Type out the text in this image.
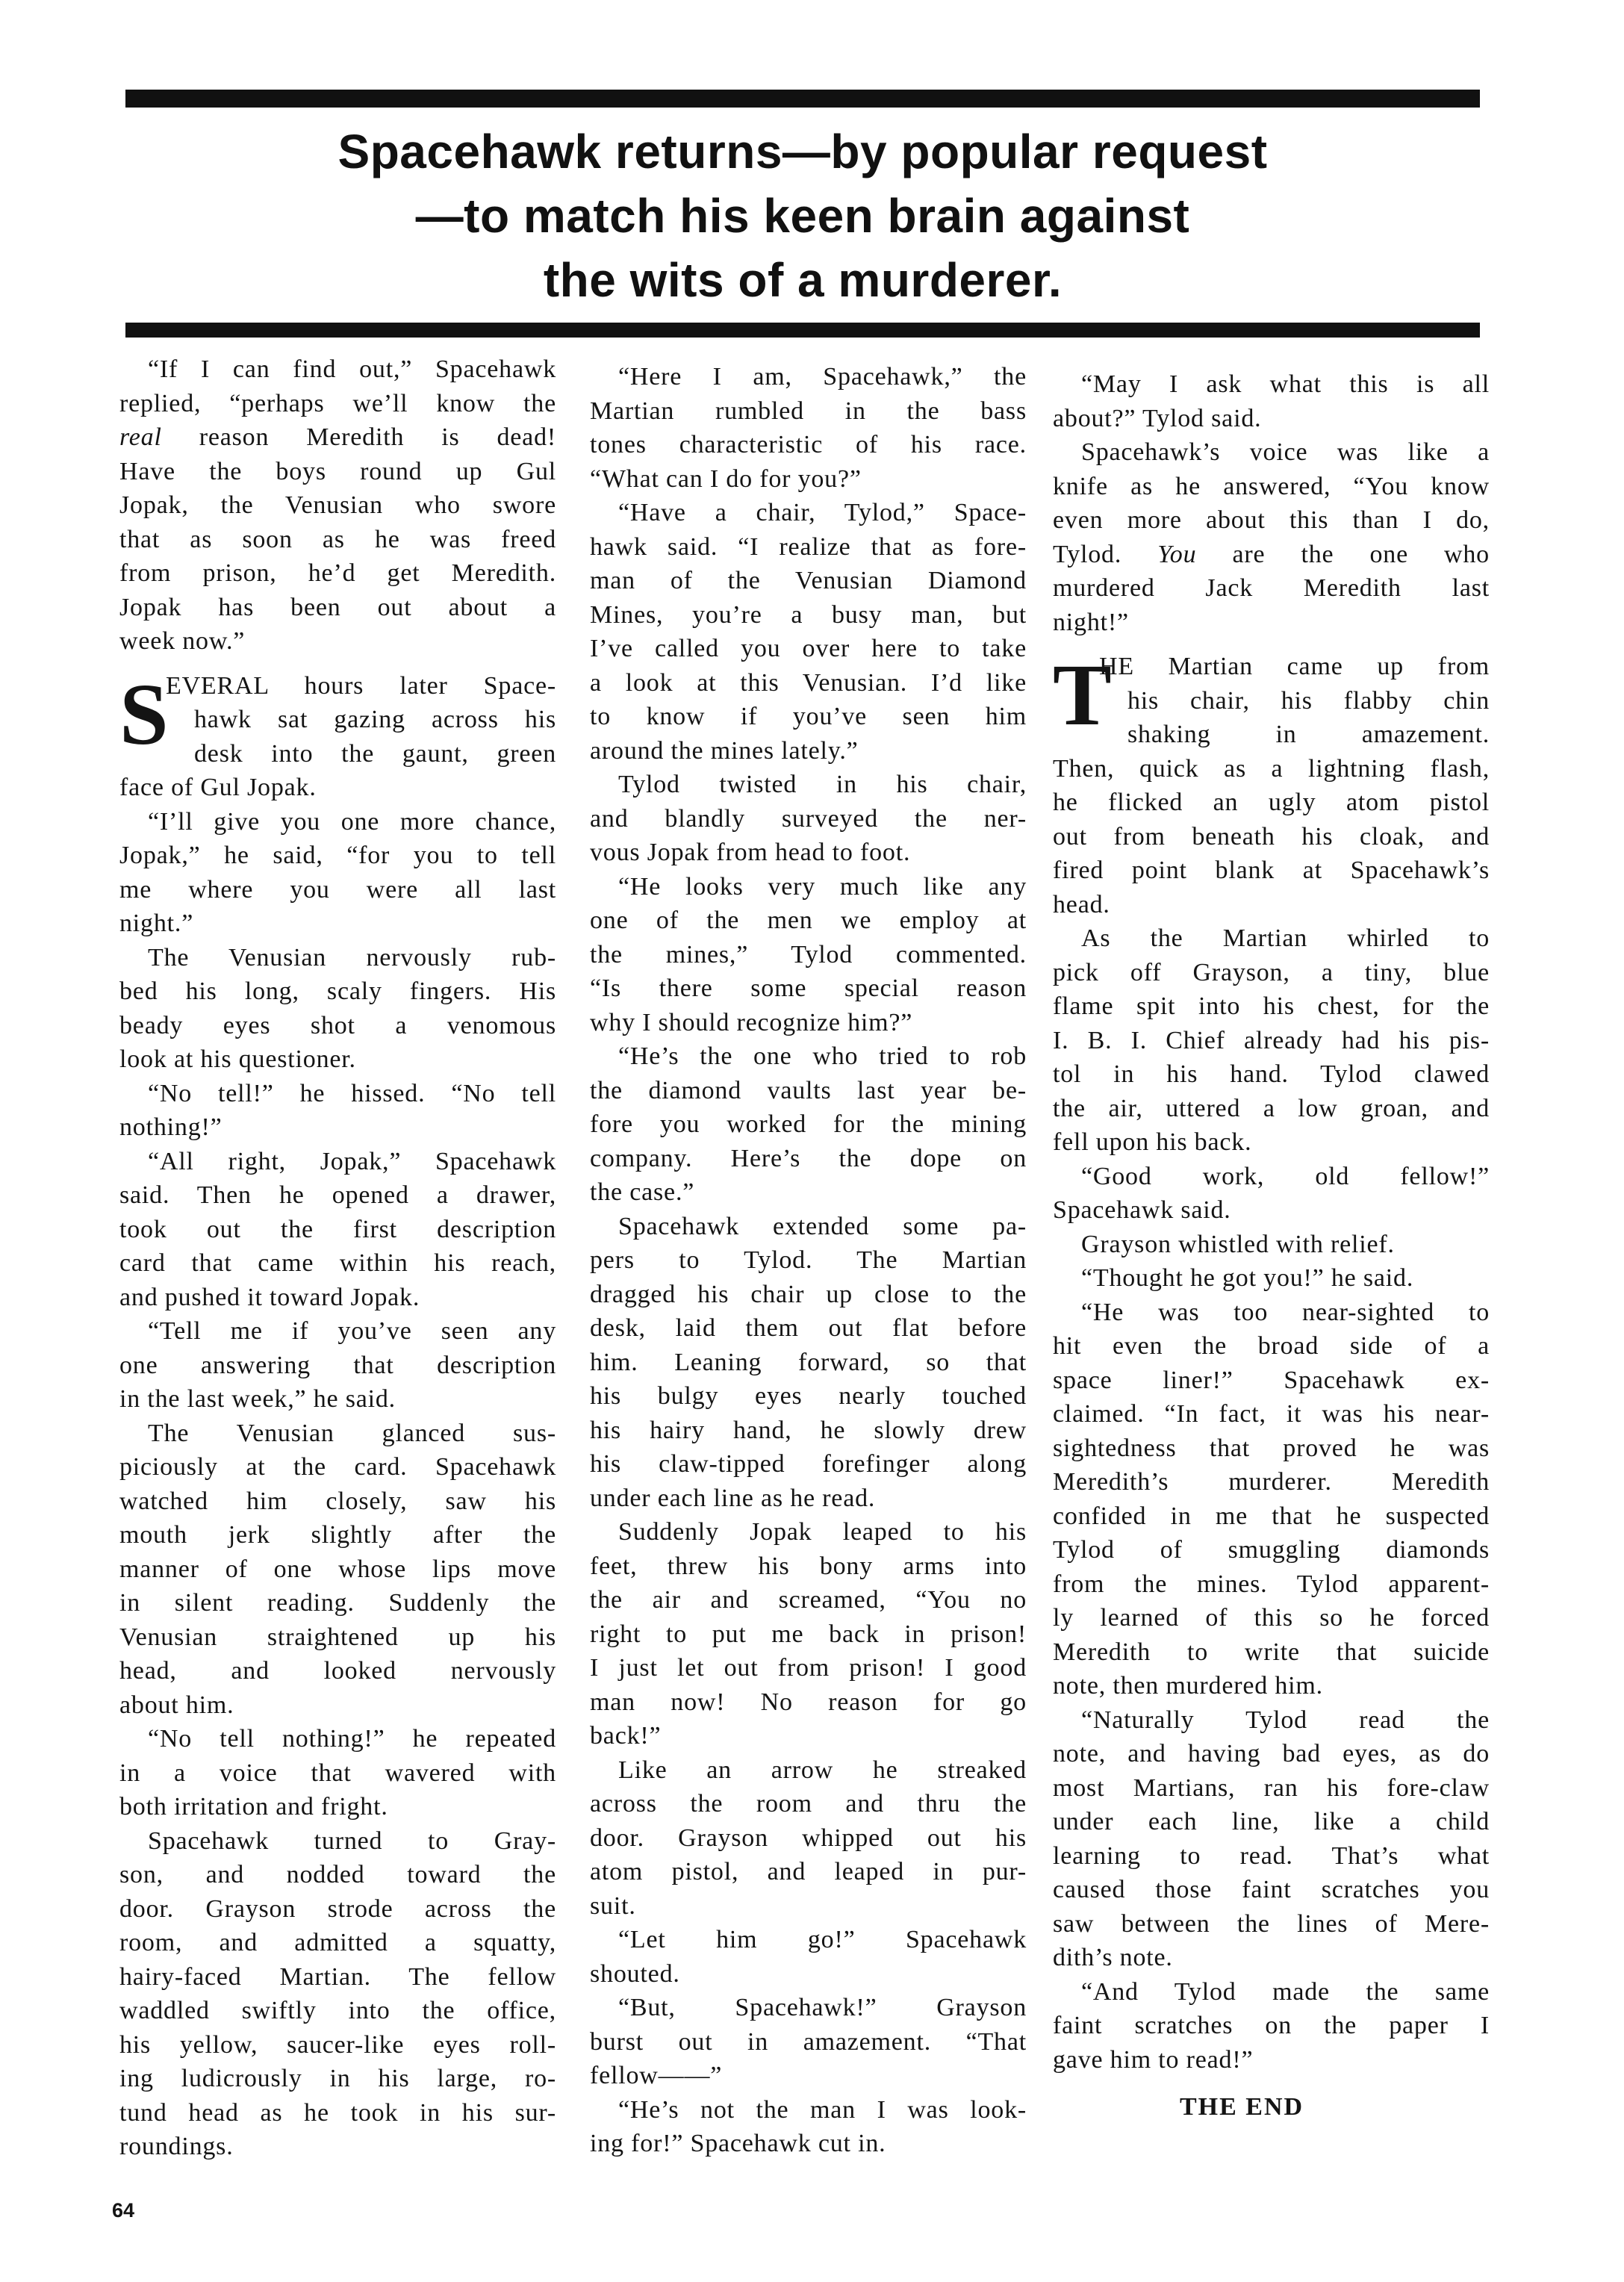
Spacehawk returns—by popular request
—to match his keen brain against
the wits of a murderer.
“If I can find out,” Spacehawk
replied, “perhaps we’ll know the
real reason Meredith is dead!
Have the boys round up Gul
Jopak, the Venusian who swore
that as soon as he was freed
from prison, he’d get Meredith.
Jopak has been out about a
week now.”
S
EVERAL hours later Space-
hawk sat gazing across his
desk into the gaunt, green
face of Gul Jopak.
“I’ll give you one more chance,
Jopak,” he said, “for you to tell
me where you were all last
night.”
The Venusian nervously rub-
bed his long, scaly fingers. His
beady eyes shot a venomous
look at his questioner.
“No tell!” he hissed. “No tell
nothing!”
“All right, Jopak,” Spacehawk
said. Then he opened a drawer,
took out the first description
card that came within his reach,
and pushed it toward Jopak.
“Tell me if you’ve seen any
one answering that description
in the last week,” he said.
The Venusian glanced sus-
piciously at the card. Spacehawk
watched him closely, saw his
mouth jerk slightly after the
manner of one whose lips move
in silent reading. Suddenly the
Venusian straightened up his
head, and looked nervously
about him.
“No tell nothing!” he repeated
in a voice that wavered with
both irritation and fright.
Spacehawk turned to Gray-
son, and nodded toward the
door. Grayson strode across the
room, and admitted a squatty,
hairy-faced Martian. The fellow
waddled swiftly into the office,
his yellow, saucer-like eyes roll-
ing ludicrously in his large, ro-
tund head as he took in his sur-
roundings.
“Here I am, Spacehawk,” the
Martian rumbled in the bass
tones characteristic of his race.
“What can I do for you?”
“Have a chair, Tylod,” Space-
hawk said. “I realize that as fore-
man of the Venusian Diamond
Mines, you’re a busy man, but
I’ve called you over here to take
a look at this Venusian. I’d like
to know if you’ve seen him
around the mines lately.”
Tylod twisted in his chair,
and blandly surveyed the ner-
vous Jopak from head to foot.
“He looks very much like any
one of the men we employ at
the mines,” Tylod commented.
“Is there some special reason
why I should recognize him?”
“He’s the one who tried to rob
the diamond vaults last year be-
fore you worked for the mining
company. Here’s the dope on
the case.”
Spacehawk extended some pa-
pers to Tylod. The Martian
dragged his chair up close to the
desk, laid them out flat before
him. Leaning forward, so that
his bulgy eyes nearly touched
his hairy hand, he slowly drew
his claw-tipped forefinger along
under each line as he read.
Suddenly Jopak leaped to his
feet, threw his bony arms into
the air and screamed, “You no
right to put me back in prison!
I just let out from prison! I good
man now! No reason for go
back!”
Like an arrow he streaked
across the room and thru the
door. Grayson whipped out his
atom pistol, and leaped in pur-
suit.
“Let him go!” Spacehawk
shouted.
“But, Spacehawk!” Grayson
burst out in amazement. “That
fellow——”
“He’s not the man I was look-
ing for!” Spacehawk cut in.
“May I ask what this is all
about?” Tylod said.
Spacehawk’s voice was like a
knife as he answered, “You know
even more about this than I do,
Tylod. You are the one who
murdered Jack Meredith last
night!”
T
HE Martian came up from
his chair, his flabby chin
shaking in amazement.
Then, quick as a lightning flash,
he flicked an ugly atom pistol
out from beneath his cloak, and
fired point blank at Spacehawk’s
head.
As the Martian whirled to
pick off Grayson, a tiny, blue
flame spit into his chest, for the
I. B. I. Chief already had his pis-
tol in his hand. Tylod clawed
the air, uttered a low groan, and
fell upon his back.
“Good work, old fellow!”
Spacehawk said.
Grayson whistled with relief.
“Thought he got you!” he said.
“He was too near-sighted to
hit even the broad side of a
space liner!” Spacehawk ex-
claimed. “In fact, it was his near-
sightedness that proved he was
Meredith’s murderer. Meredith
confided in me that he suspected
Tylod of smuggling diamonds
from the mines. Tylod apparent-
ly learned of this so he forced
Meredith to write that suicide
note, then murdered him.
“Naturally Tylod read the
note, and having bad eyes, as do
most Martians, ran his fore-claw
under each line, like a child
learning to read. That’s what
caused those faint scratches you
saw between the lines of Mere-
dith’s note.
“And Tylod made the same
faint scratches on the paper I
gave him to read!”
THE END
64
